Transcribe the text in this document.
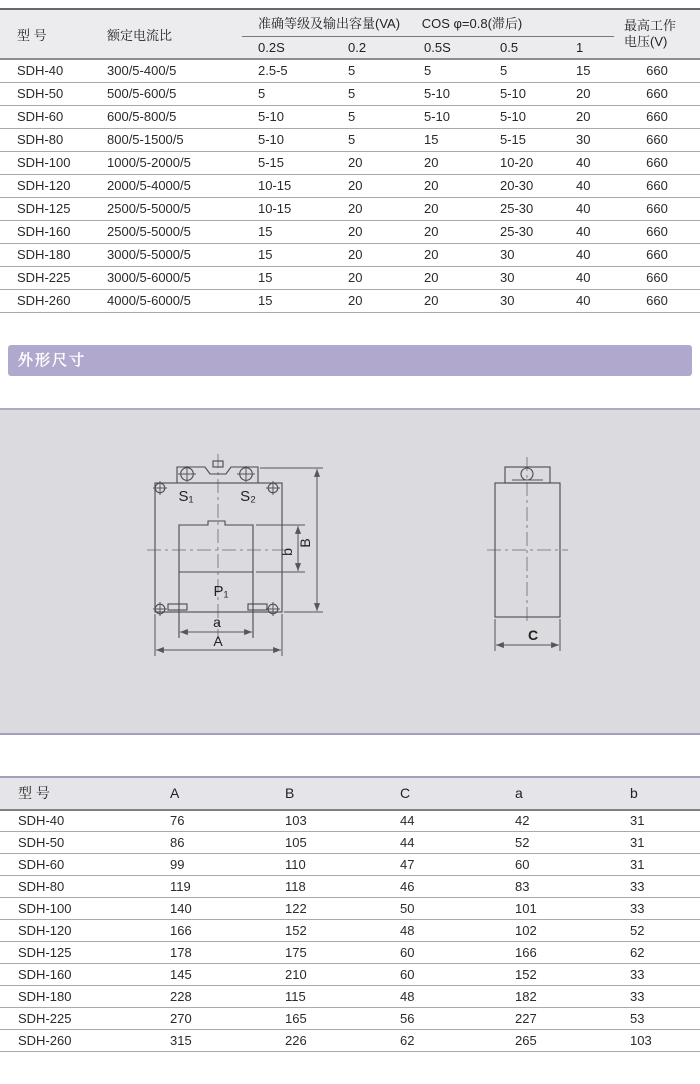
型 号	额定电流比	准确等级及输出容量(VA)      COS φ=0.8(滞后)					最高工作电压(V)
		0.2S	0.2	0.5S	0.5	1	
SDH-40	300/5-400/5	2.5-5	5	5	5	15	660
SDH-50	500/5-600/5	5	5	5-10	5-10	20	660
SDH-60	600/5-800/5	5-10	5	5-10	5-10	20	660
SDH-80	800/5-1500/5	5-10	5	15	5-15	30	660
SDH-100	1000/5-2000/5	5-15	20	20	10-20	40	660
SDH-120	2000/5-4000/5	10-15	20	20	20-30	40	660
SDH-125	2500/5-5000/5	10-15	20	20	25-30	40	660
SDH-160	2500/5-5000/5	15	20	20	25-30	40	660
SDH-180	3000/5-5000/5	15	20	20	30	40	660
SDH-225	3000/5-6000/5	15	20	20	30	40	660
SDH-260	4000/5-6000/5	15	20	20	30	40	660
外形尺寸
S₁	S₂
P₁
b
B
a
A	C
型 号	A	B	C	a	b
SDH-40	76	103	44	42	31
SDH-50	86	105	44	52	31
SDH-60	99	110	47	60	31
SDH-80	119	118	46	83	33
SDH-100	140	122	50	101	33
SDH-120	166	152	48	102	52
SDH-125	178	175	60	166	62
SDH-160	145	210	60	152	33
SDH-180	228	115	48	182	33
SDH-225	270	165	56	227	53
SDH-260	315	226	62	265	103
